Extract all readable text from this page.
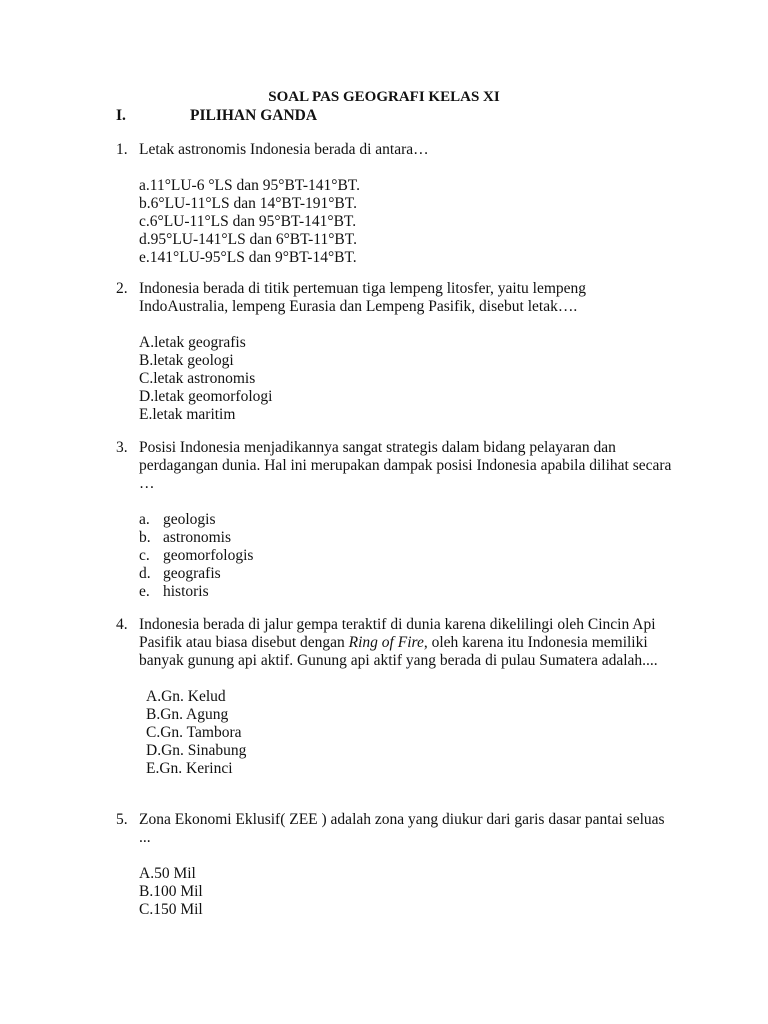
SOAL PAS GEOGRAFI KELAS XI
I.	PILIHAN GANDA
1. Letak astronomis Indonesia berada di antara…
a.11°LU-6 °LS dan 95°BT-141°BT.
b.6°LU-11°LS dan 14°BT-191°BT.
c.6°LU-11°LS dan 95°BT-141°BT.
d.95°LU-141°LS dan 6°BT-11°BT.
e.141°LU-95°LS dan 9°BT-14°BT.
2. Indonesia berada di titik pertemuan tiga lempeng litosfer, yaitu lempeng IndoAustralia, lempeng Eurasia dan Lempeng Pasifik, disebut letak….
A.letak geografis
B.letak geologi
C.letak astronomis
D.letak geomorfologi
E.letak maritim
3. Posisi Indonesia menjadikannya sangat strategis dalam bidang pelayaran dan perdagangan dunia. Hal ini merupakan dampak posisi Indonesia apabila dilihat secara …
a. geologis
b. astronomis
c. geomorfologis
d. geografis
e. historis
4. Indonesia berada di jalur gempa teraktif di dunia karena dikelilingi oleh Cincin Api Pasifik atau biasa disebut dengan Ring of Fire, oleh karena itu Indonesia memiliki banyak gunung api aktif. Gunung api aktif yang berada di pulau Sumatera adalah....
A.Gn. Kelud
B.Gn. Agung
C.Gn. Tambora
D.Gn. Sinabung
E.Gn. Kerinci
5. Zona Ekonomi Eklusif( ZEE ) adalah zona yang diukur dari garis dasar pantai seluas ...
A.50 Mil
B.100 Mil
C.150 Mil
